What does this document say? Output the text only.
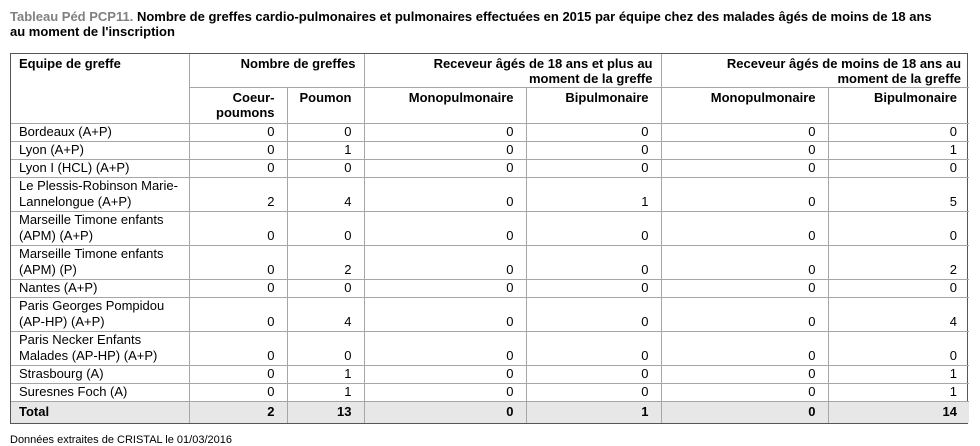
Tableau Péd PCP11. Nombre de greffes cardio-pulmonaires et pulmonaires effectuées en 2015 par équipe chez des malades âgés de moins de 18 ans
au moment de l'inscription
Equipe de greffe	Nombre de greffes		Receveur âgés de 18 ans et plus au
moment de la greffe		Receveur âgés de moins de 18 ans au
moment de la greffe	
	Coeur-
poumons	Poumon	Monopulmonaire	Bipulmonaire	Monopulmonaire	Bipulmonaire
Bordeaux (A+P)	0	0	0	0	0	0
Lyon (A+P)	0	1	0	0	0	1
Lyon I (HCL) (A+P)	0	0	0	0	0	0
Le Plessis-Robinson Marie-Lannelongue (A+P)	2	4	0	1	0	5
Marseille Timone enfants (APM) (A+P)	0	0	0	0	0	0
Marseille Timone enfants (APM) (P)	0	2	0	0	0	2
Nantes (A+P)	0	0	0	0	0	0
Paris Georges Pompidou (AP-HP) (A+P)	0	4	0	0	0	4
Paris Necker Enfants Malades (AP-HP) (A+P)	0	0	0	0	0	0
Strasbourg (A)	0	1	0	0	0	1
Suresnes Foch (A)	0	1	0	0	0	1
Total	2	13	0	1	0	14
Données extraites de CRISTAL le 01/03/2016
